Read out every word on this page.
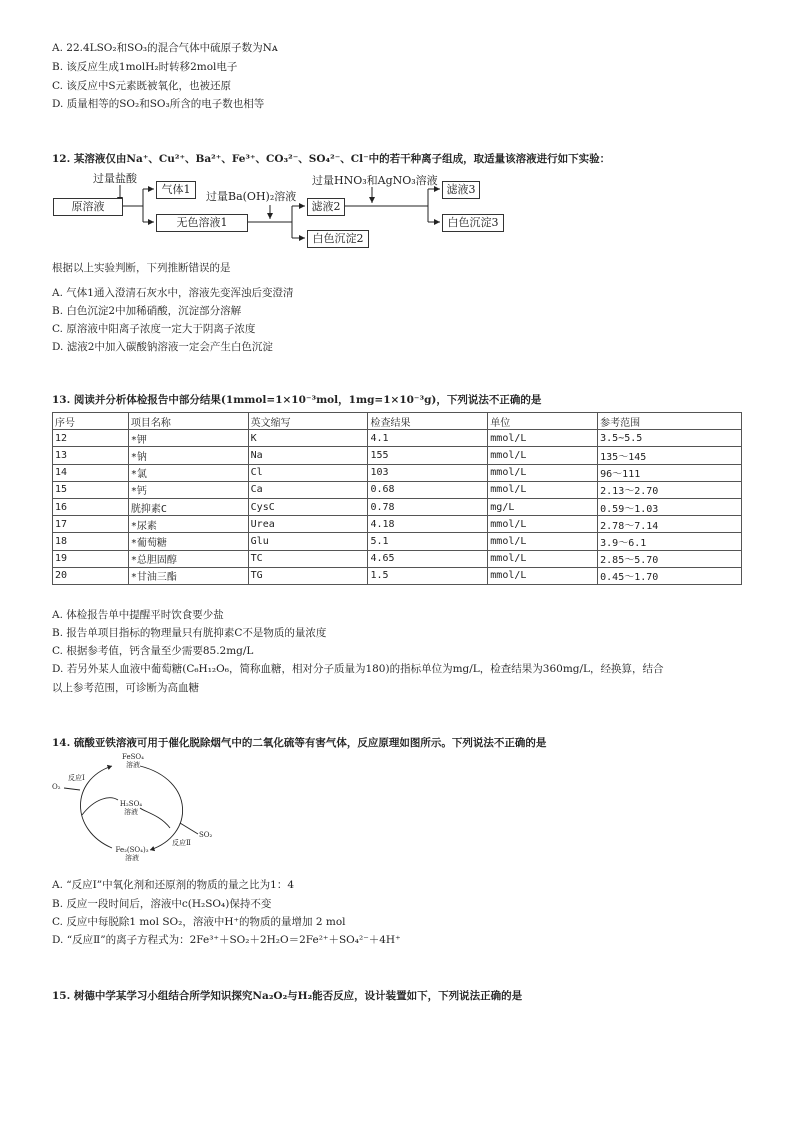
A. 22.4LSO₂和SO₃的混合气体中硫原子数为Nᴀ
B. 该反应生成1molH₂时转移2mol电子
C. 该反应中S元素既被氧化，也被还原
D. 质量相等的SO₂和SO₃所含的电子数也相等
12. 某溶液仅由Na⁺、Cu²⁺、Ba²⁺、Fe³⁺、CO₃²⁻、SO₄²⁻、Cl⁻中的若干种离子组成，取适量该溶液进行如下实验：
过量盐酸
过量Ba(OH)₂溶液
过量HNO₃和AgNO₃溶液
原溶液
气体1
无色溶液1
滤液2
白色沉淀2
滤液3
白色沉淀3
根据以上实验判断，下列推断错误的是
A. 气体1通入澄清石灰水中，溶液先变浑浊后变澄清
B. 白色沉淀2中加稀硝酸，沉淀部分溶解
C. 原溶液中阳离子浓度一定大于阴离子浓度
D. 滤液2中加入碳酸钠溶液一定会产生白色沉淀
13. 阅读并分析体检报告中部分结果(1mmol=1×10⁻³mol，1mg=1×10⁻³g)，下列说法不正确的是
序号	项目名称	英文缩写	检查结果	单位	参考范围
12	*钾	K	4.1	mmol/L	3.5~5.5
13	*钠	Na	155	mmol/L	135～145
14	*氯	Cl	103	mmol/L	96～111
15	*钙	Ca	0.68	mmol/L	2.13～2.70
16	胱抑素C	CysC	0.78	mg/L	0.59～1.03
17	*尿素	Urea	4.18	mmol/L	2.78～7.14
18	*葡萄糖	Glu	5.1	mmol/L	3.9～6.1
19	*总胆固醇	TC	4.65	mmol/L	2.85～5.70
20	*甘油三酯	TG	1.5	mmol/L	0.45～1.70
A. 体检报告单中提醒平时饮食要少盐
B. 报告单项目指标的物理量只有胱抑素C不是物质的量浓度
C. 根据参考值，钙含量至少需要85.2mg/L
D. 若另外某人血液中葡萄糖(C₆H₁₂O₆，简称血糖，相对分子质量为180)的指标单位为mg/L，检查结果为360mg/L，经换算，结合
以上参考范围，可诊断为高血糖
14. 硫酸亚铁溶液可用于催化脱除烟气中的二氧化硫等有害气体，反应原理如图所示。下列说法不正确的是
FeSO₄
溶液
H₂SO₄
溶液
Fe₂(SO₄)₃
溶液
O₂
SO₂
反应Ⅰ
反应Ⅱ
A. “反应Ⅰ”中氧化剂和还原剂的物质的量之比为1：4
B. 反应一段时间后，溶液中c(H₂SO₄)保持不变
C. 反应中每脱除1 mol SO₂，溶液中H⁺的物质的量增加 2 mol
D. “反应Ⅱ”的离子方程式为：2Fe³⁺＋SO₂＋2H₂O＝2Fe²⁺＋SO₄²⁻＋4H⁺
15. 树德中学某学习小组结合所学知识探究Na₂O₂与H₂能否反应，设计装置如下，下列说法正确的是
